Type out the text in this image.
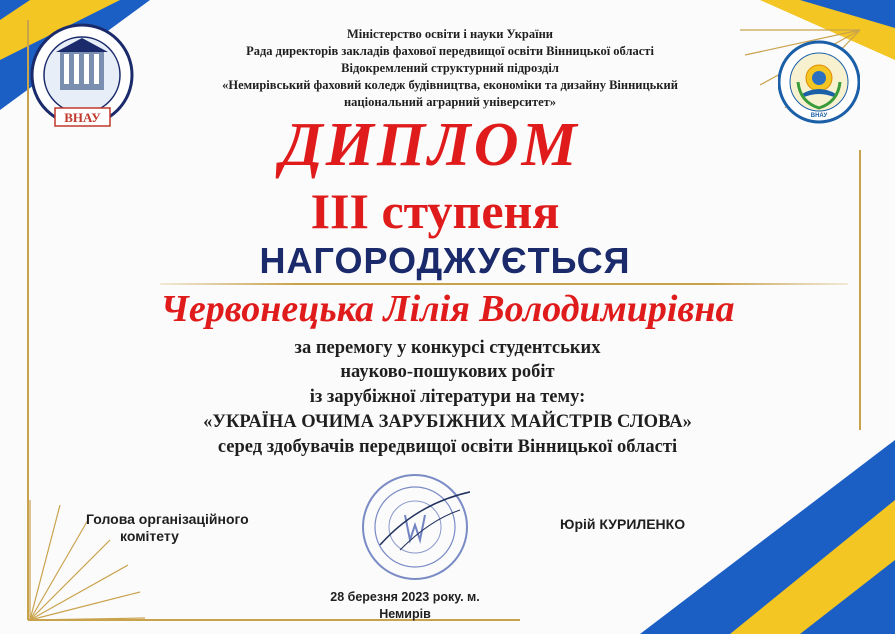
ВНАУ	ВНАУ
Міністерство освіти і науки України
Рада директорів закладів фахової передвищої освіти Вінницької області
Відокремлений структурний підрозділ
«Немирівський фаховий коледж будівництва, економіки та дизайну Вінницький
національний аграрний університет»
ДИПЛОМ
ІІІ ступеня
НАГОРОДЖУЄТЬСЯ
Червонецька Лілія Володимирівна
за перемогу у конкурсі студентських
науково-пошукових робіт
із зарубіжної літератури на тему:
«УКРАЇНА ОЧИМА ЗАРУБІЖНИХ МАЙСТРІВ СЛОВА»
серед здобувачів передвищої освіти Вінницької області
Голова організаційного
комітету
Юрій КУРИЛЕНКО
28 березня 2023 року. м.
Немирів
